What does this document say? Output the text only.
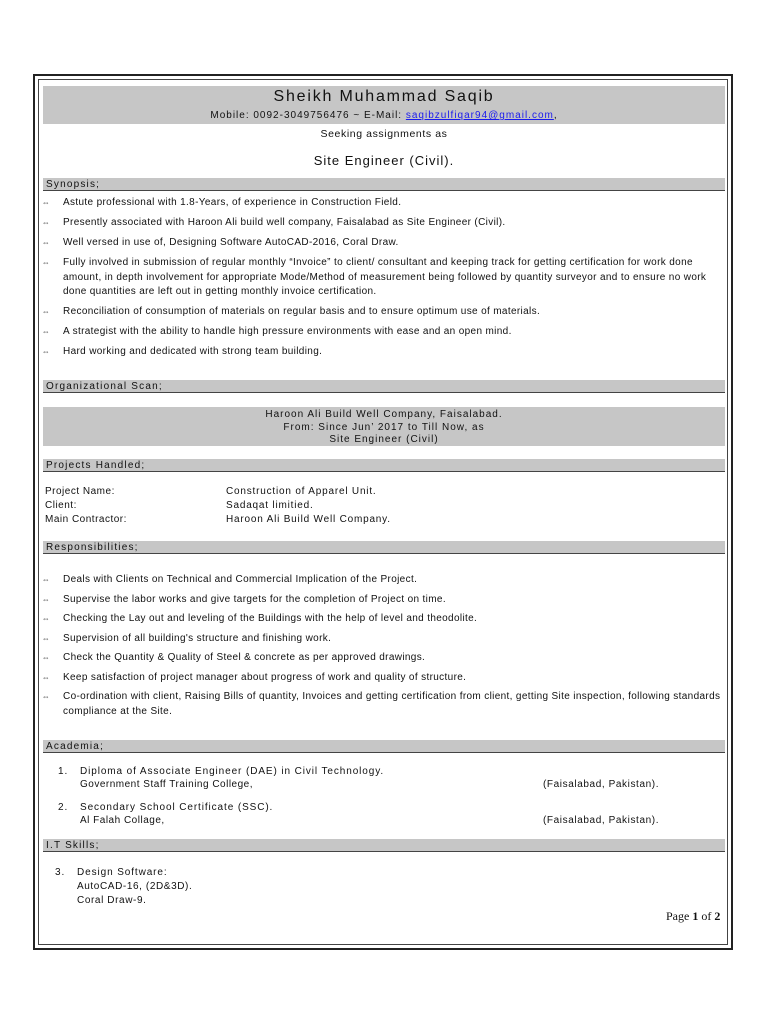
Sheikh Muhammad Saqib
Mobile: 0092-3049756476 ~ E-Mail: saqibzulfiqar94@gmail.com,
Seeking assignments as
Site Engineer (Civil).
Synopsis;
⇔ Astute professional with 1.8-Years, of experience in Construction Field.
⇔ Presently associated with Haroon Ali build well company, Faisalabad as Site Engineer (Civil).
⇔ Well versed in use of, Designing Software AutoCAD-2016, Coral Draw.
⇔ Fully involved in submission of regular monthly “Invoice” to client/ consultant and keeping track for getting certification for work done amount, in depth involvement for appropriate Mode/Method of measurement being followed by quantity surveyor and to ensure no work done quantities are left out in getting monthly invoice certification.
⇔ Reconciliation of consumption of materials on regular basis and to ensure optimum use of materials.
⇔ A strategist with the ability to handle high pressure environments with ease and an open mind.
⇔ Hard working and dedicated with strong team building.
Organizational Scan;
Haroon Ali Build Well Company, Faisalabad.
From: Since Jun’ 2017 to Till Now, as
Site Engineer (Civil)
Projects Handled;
Project Name:	Construction of Apparel Unit.
Client:	Sadaqat limitied.
Main Contractor:	Haroon Ali Build Well Company.
Responsibilities;
⇔ Deals with Clients on Technical and Commercial Implication of the Project.
⇔ Supervise the labor works and give targets for the completion of Project on time.
⇔ Checking the Lay out and leveling of the Buildings with the help of level and theodolite.
⇔ Supervision of all building's structure and finishing work.
⇔ Check the Quantity & Quality of Steel & concrete as per approved drawings.
⇔ Keep satisfaction of project manager about progress of work and quality of structure.
⇔ Co-ordination with client, Raising Bills of quantity, Invoices and getting certification from client, getting Site inspection, following standards compliance at the Site.
Academia;
1. Diploma of Associate Engineer (DAE) in Civil Technology.
Government Staff Training College,	(Faisalabad, Pakistan).
2. Secondary School Certificate (SSC).
Al Falah Collage,	(Faisalabad, Pakistan).
I.T Skills;
3. Design Software:
AutoCAD-16, (2D&3D).
Coral Draw-9.
Page 1 of 2
